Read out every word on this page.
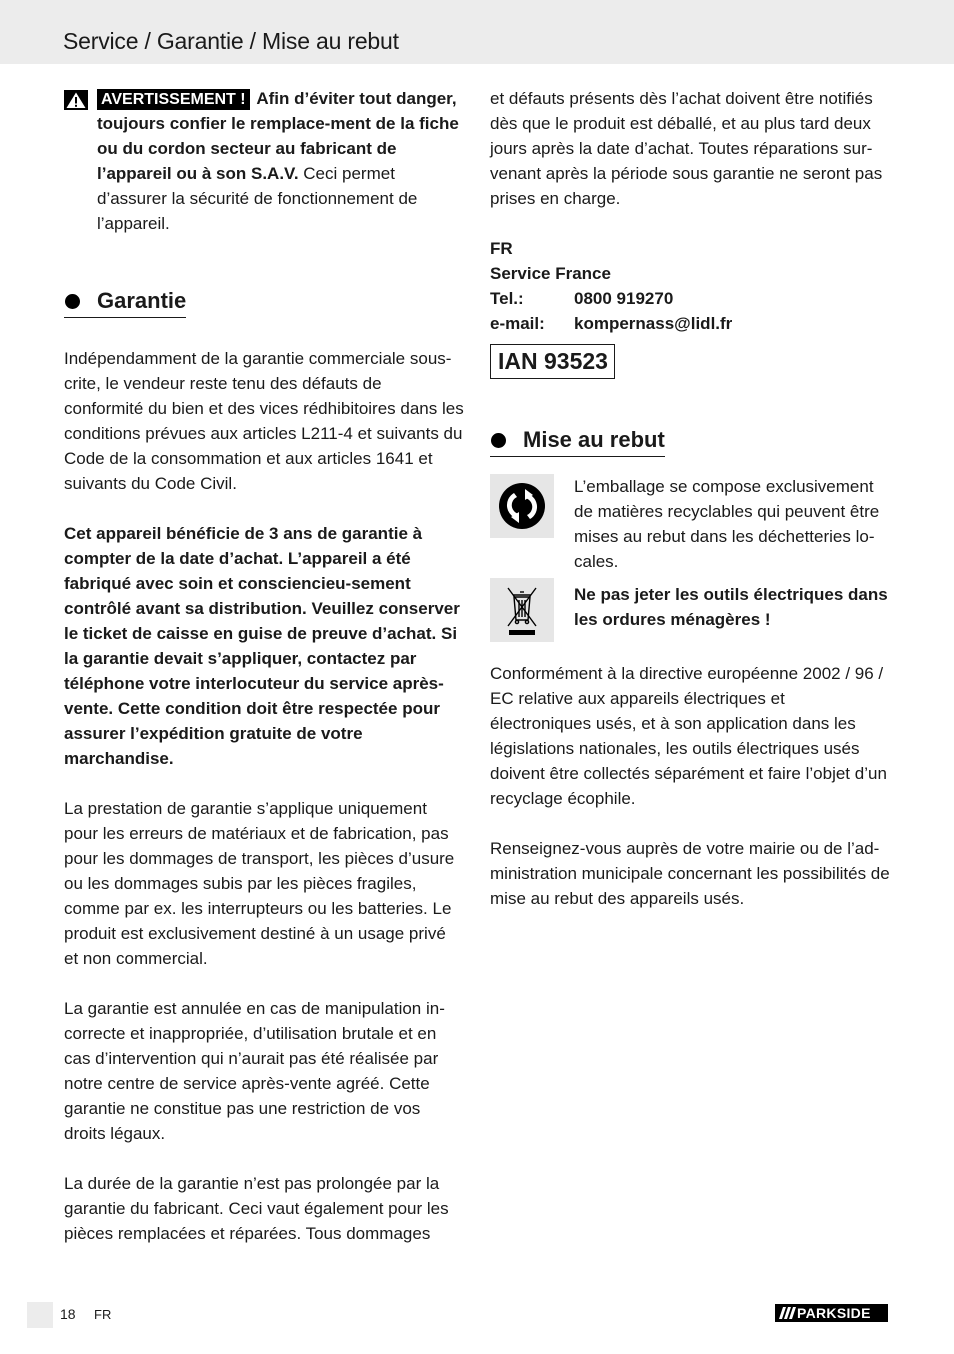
Service / Garantie / Mise au rebut

AVERTISSEMENT ! Afin d’éviter tout danger, toujours confier le remplace-ment de la fiche ou du cordon secteur au fabricant de l’appareil ou à son S.A.V. Ceci permet d’assurer la sécurité de fonctionnement de l’appareil.

Garantie

Indépendamment de la garantie commerciale sous-crite, le vendeur reste tenu des défauts de conformité du bien et des vices rédhibitoires dans les conditions prévues aux articles L211-4 et suivants du Code de la consommation et aux articles 1641 et suivants du Code Civil.

Cet appareil bénéficie de 3 ans de garantie à compter de la date d’achat. L’appareil a été fabriqué avec soin et consciencieu-sement contrôlé avant sa distribution. Veuillez conserver le ticket de caisse en guise de preuve d’achat. Si la garantie devait s’appliquer, contactez par téléphone votre interlocuteur du service après-vente. Cette condition doit être respectée pour assurer l’expédition gratuite de votre marchandise.

La prestation de garantie s’applique uniquement pour les erreurs de matériaux et de fabrication, pas pour les dommages de transport, les pièces d’usure ou les dommages subis par les pièces fragiles, comme par ex. les interrupteurs ou les batteries. Le produit est exclusivement destiné à un usage privé et non commercial.

La garantie est annulée en cas de manipulation in-correcte et inappropriée, d’utilisation brutale et en cas d’intervention qui n’aurait pas été réalisée par notre centre de service après-vente agréé. Cette garantie ne constitue pas une restriction de vos droits légaux.

La durée de la garantie n’est pas prolongée par la garantie du fabricant. Ceci vaut également pour les pièces remplacées et réparées. Tous dommages

et défauts présents dès l’achat doivent être notifiés dès que le produit est déballé, et au plus tard deux jours après la date d’achat. Toutes réparations sur-venant après la période sous garantie ne seront pas prises en charge.

FR

Service France

Tel.:	0800 919270
e-mail:	kompernass@lidl.fr
IAN 93523
Mise au rebut

L’emballage se compose exclusivement de matières recyclables qui peuvent être mises au rebut dans les déchetteries lo-cales.

Ne pas jeter les outils électriques dans les ordures ménagères !

Conformément à la directive européenne 2002 / 96 / EC relative aux appareils électriques et électroniques usés, et à son application dans les législations nationales, les outils électriques usés doivent être collectés séparément et faire l’objet d’un recyclage écophile.

Renseignez-vous auprès de votre mairie ou de l’ad-ministration municipale concernant les possibilités de mise au rebut des appareils usés.

18 FR	PARKSIDE
